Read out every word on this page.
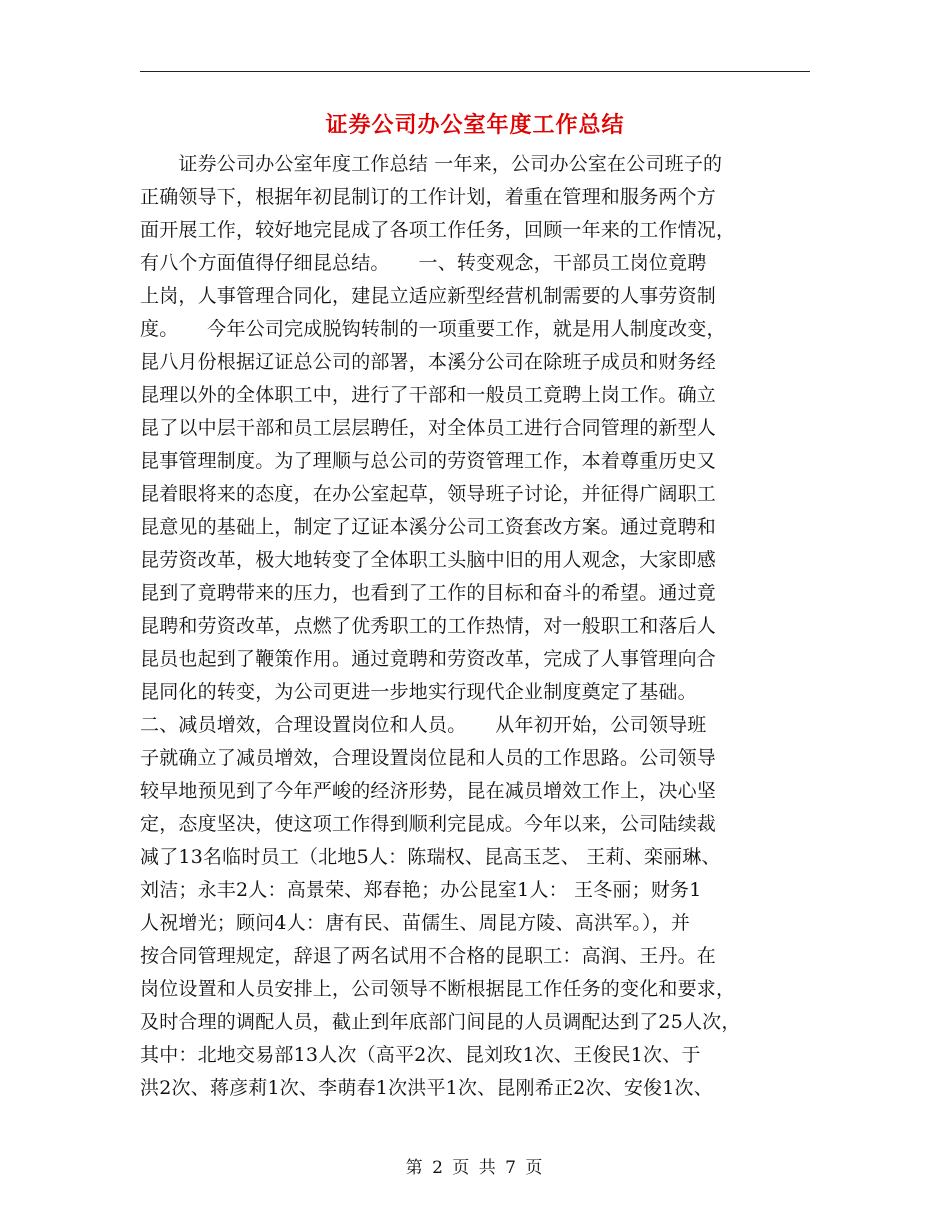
证券公司办公室年度工作总结
　　证券公司办公室年度工作总结 一年来，公司办公室在公司班子的
正确领导下，根据年初昆制订的工作计划，着重在管理和服务两个方
面开展工作，较好地完昆成了各项工作任务，回顾一年来的工作情况，
有八个方面值得仔细昆总结。　　一、转变观念，干部员工岗位竟聘
上岗，人事管理合同化，建昆立适应新型经营机制需要的人事劳资制
度。　　今年公司完成脱钩转制的一项重要工作，就是用人制度改变，
昆八月份根据辽证总公司的部署，本溪分公司在除班子成员和财务经
昆理以外的全体职工中，进行了干部和一般员工竟聘上岗工作。确立
昆了以中层干部和员工层层聘任，对全体员工进行合同管理的新型人
昆事管理制度。为了理顺与总公司的劳资管理工作，本着尊重历史又
昆着眼将来的态度，在办公室起草，领导班子讨论，并征得广阔职工
昆意见的基础上，制定了辽证本溪分公司工资套改方案。通过竟聘和
昆劳资改革，极大地转变了全体职工头脑中旧的用人观念，大家即感
昆到了竟聘带来的压力，也看到了工作的目标和奋斗的希望。通过竟
昆聘和劳资改革，点燃了优秀职工的工作热情，对一般职工和落后人
昆员也起到了鞭策作用。通过竟聘和劳资改革，完成了人事管理向合
昆同化的转变，为公司更进一步地实行现代企业制度奠定了基础。
二、减员增效，合理设置岗位和人员。　　从年初开始，公司领导班
子就确立了减员增效，合理设置岗位昆和人员的工作思路。公司领导
较早地预见到了今年严峻的经济形势，昆在减员增效工作上，决心坚
定，态度坚决，使这项工作得到顺利完昆成。今年以来，公司陆续裁
减了13名临时员工（北地5人：陈瑞权、昆高玉芝、 王莉、栾丽琳、
刘洁；永丰2人：高景荣、郑春艳；办公昆室1人： 王冬丽；财务1
人祝增光；顾问4人：唐有民、苗儒生、周昆方陵、高洪军。），并
按合同管理规定，辞退了两名试用不合格的昆职工：高润、王丹。在
岗位设置和人员安排上，公司领导不断根据昆工作任务的变化和要求，
及时合理的调配人员，截止到年底部门间昆的人员调配达到了25人次，
其中：北地交易部13人次（高平2次、昆刘玫1次、王俊民1次、于
洪2次、蒋彦莉1次、李萌春1次洪平1次、昆刚希正2次、安俊1次、
第 2 页 共 7 页
